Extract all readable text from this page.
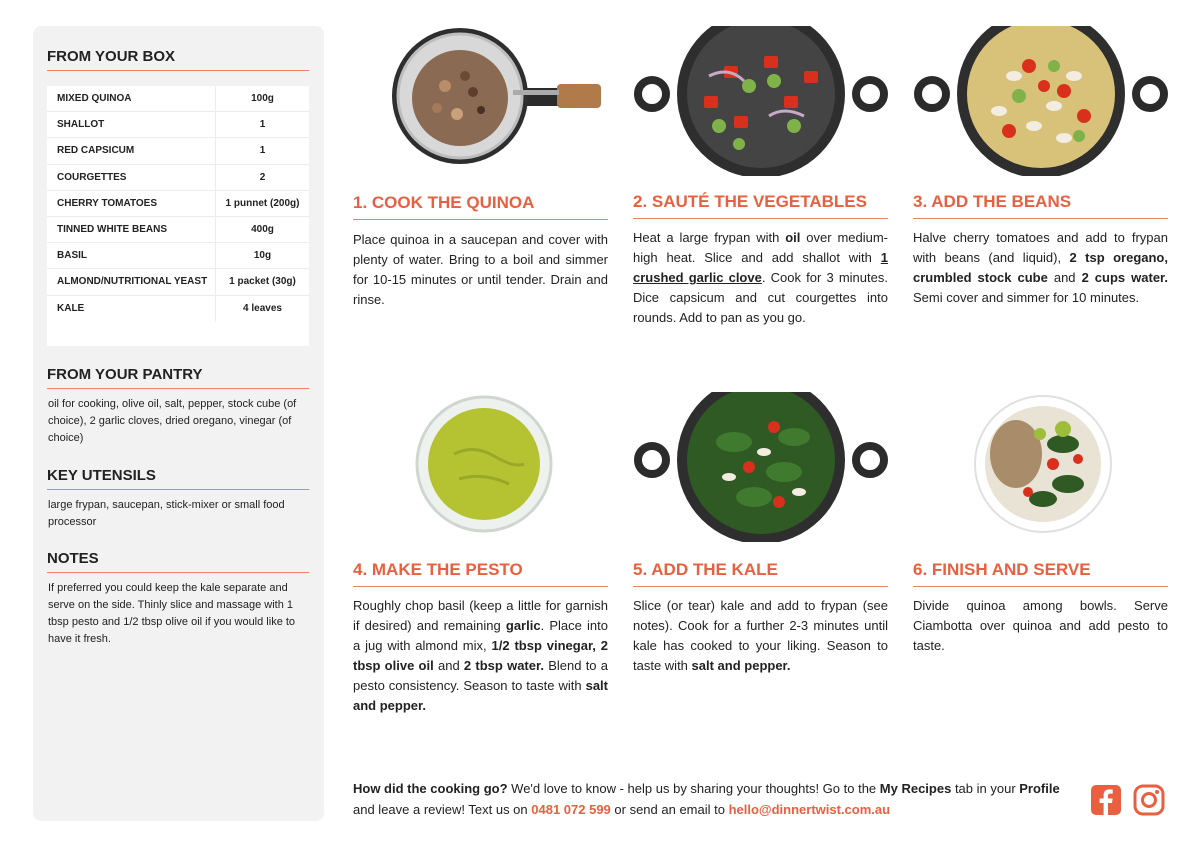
FROM YOUR BOX
MIXED QUINOA	100g
SHALLOT	1
RED CAPSICUM	1
COURGETTES	2
CHERRY TOMATOES	1 punnet (200g)
TINNED WHITE BEANS	400g
BASIL	10g
ALMOND/NUTRITIONAL YEAST	1 packet (30g)
KALE	4 leaves
FROM YOUR PANTRY
oil for cooking, olive oil, salt, pepper, stock cube (of choice), 2 garlic cloves, dried oregano, vinegar (of choice)
KEY UTENSILS
large frypan, saucepan, stick-mixer or small food processor
NOTES
If preferred you could keep the kale separate and serve on the side. Thinly slice and massage with 1 tbsp pesto and 1/2 tbsp olive oil if you would like to have it fresh.
1. COOK THE QUINOA
Place quinoa in a saucepan and cover with plenty of water. Bring to a boil and simmer for 10-15 minutes or until tender. Drain and rinse.
2. SAUTÉ THE VEGETABLES
Heat a large frypan with oil over medium-high heat. Slice and add shallot with 1 crushed garlic clove. Cook for 3 minutes. Dice capsicum and cut courgettes into rounds. Add to pan as you go.
3. ADD THE BEANS
Halve cherry tomatoes and add to frypan with beans (and liquid), 2 tsp oregano, crumbled stock cube and 2 cups water. Semi cover and simmer for 10 minutes.
4. MAKE THE PESTO
Roughly chop basil (keep a little for garnish if desired) and remaining garlic. Place into a jug with almond mix, 1/2 tbsp vinegar, 2 tbsp olive oil and 2 tbsp water. Blend to a pesto consistency. Season to taste with salt and pepper.
5. ADD THE KALE
Slice (or tear) kale and add to frypan (see notes). Cook for a further 2-3 minutes until kale has cooked to your liking. Season to taste with salt and pepper.
6. FINISH AND SERVE
Divide quinoa among bowls. Serve Ciambotta over quinoa and add pesto to taste.
How did the cooking go? We'd love to know - help us by sharing your thoughts! Go to the My Recipes tab in your Profile and leave a review! Text us on 0481 072 599 or send an email to hello@dinnertwist.com.au
